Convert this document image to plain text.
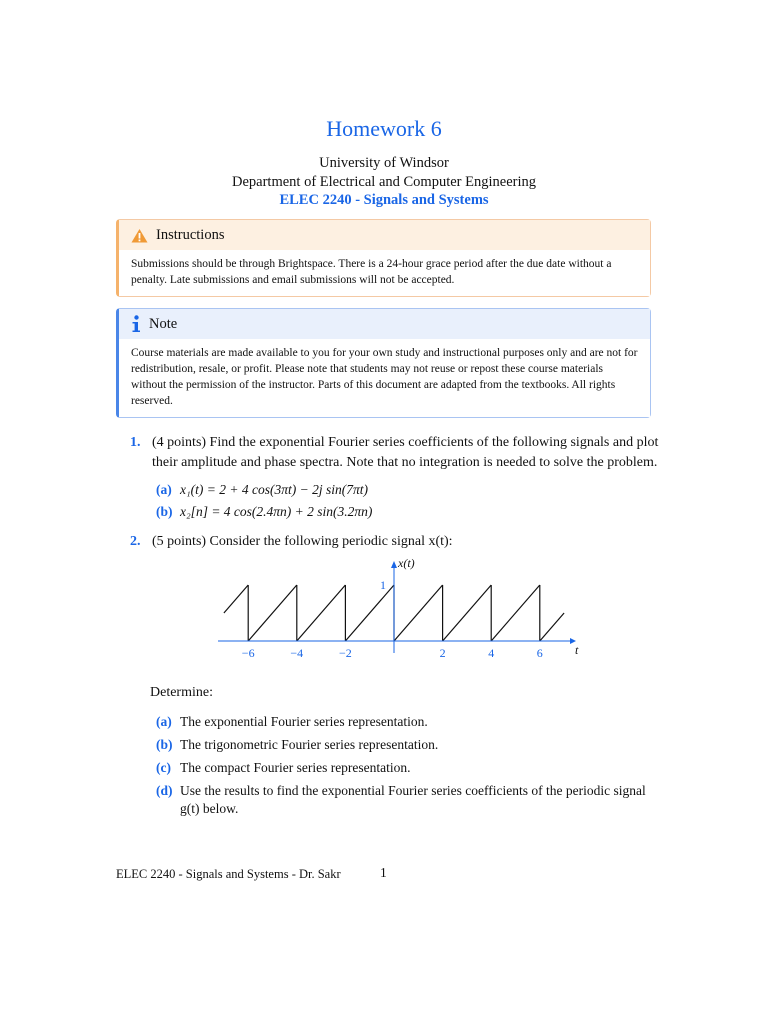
Homework 6
University of Windsor
Department of Electrical and Computer Engineering
ELEC 2240 - Signals and Systems
Instructions
Submissions should be through Brightspace. There is a 24-hour grace period after the due date without a penalty. Late submissions and email submissions will not be accepted.
Note
Course materials are made available to you for your own study and instructional purposes only and are not for redistribution, resale, or profit. Please note that students may not reuse or repost these course materials without the permission of the instructor. Parts of this document are adapted from the textbooks. All rights reserved.
1. (4 points) Find the exponential Fourier series coefficients of the following signals and plot their amplitude and phase spectra. Note that no integration is needed to solve the problem.
(a) x₁(t) = 2 + 4 cos(3πt) − 2j sin(7πt)
(b) x₂[n] = 4 cos(2.4πn) + 2 sin(3.2πn)
2. (5 points) Consider the following periodic signal x(t):
x(t)
t
1
−6	−4	−2	2	4	6
Determine:
(a) The exponential Fourier series representation.
(b) The trigonometric Fourier series representation.
(c) The compact Fourier series representation.
(d) Use the results to find the exponential Fourier series coefficients of the periodic signal g(t) below.
ELEC 2240 - Signals and Systems - Dr. Sakr	1
